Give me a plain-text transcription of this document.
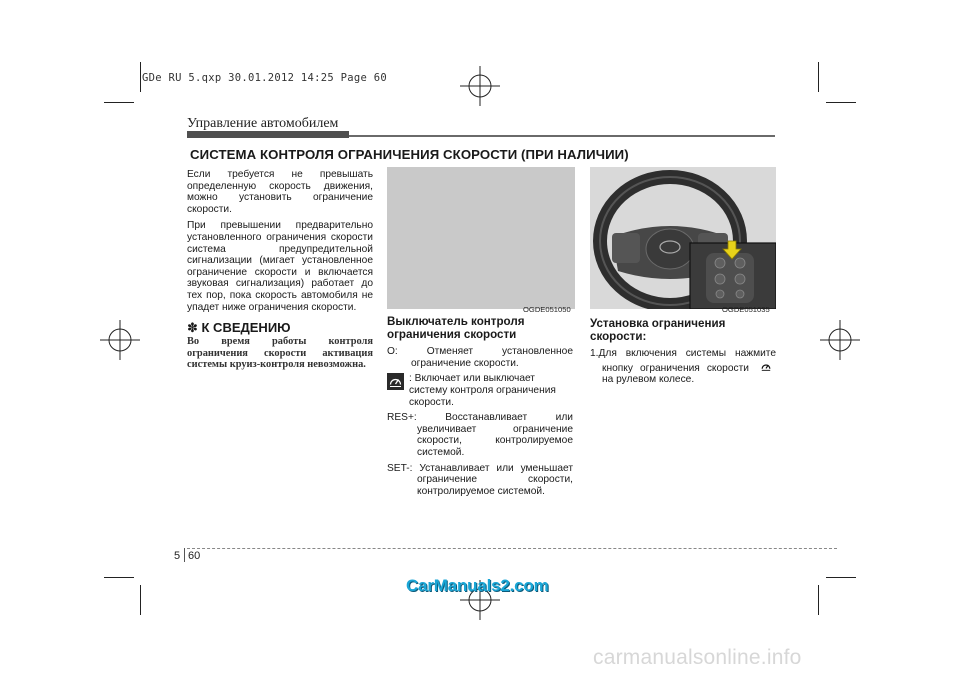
GDe RU 5.qxp 30.01.2012 14:25 Page 60
Управление автомобилем
СИСТЕМА КОНТРОЛЯ ОГРАНИЧЕНИЯ СКОРОСТИ (ПРИ НАЛИЧИИ)

Если требуется не превышать определенную скорость движения, можно установить ограничение скорости.

При превышении предварительно установленного ограничения скорости система предупредительной сигнализации (мигает установленное ограничение скорости и включается звуковая сигнализация) работает до тех пор, пока скорость автомобиля не упадет ниже ограничения скорости.

✽ К СВЕДЕНИЮ
Во время работы контроля ограничения скорости активация системы круиз-контроля невозможна.
OGDE051050
Выключатель контроля ограничения скорости
O: Отменяет установленное ограничение скорости.
: Включает или выключает систему контроля ограничения скорости.
RES+: Восстанавливает или увеличивает ограничение скорости, контролируемое системой.
SET-: Устанавливает или уменьшает ограничение скорости, контролируемое системой.
OGDE051035
Установка ограничения скорости:

1.Для включения системы нажмите кнопку ограничения скорости  на рулевом колесе.

5 60
CarManuals2.com
carmanualsonline.info
